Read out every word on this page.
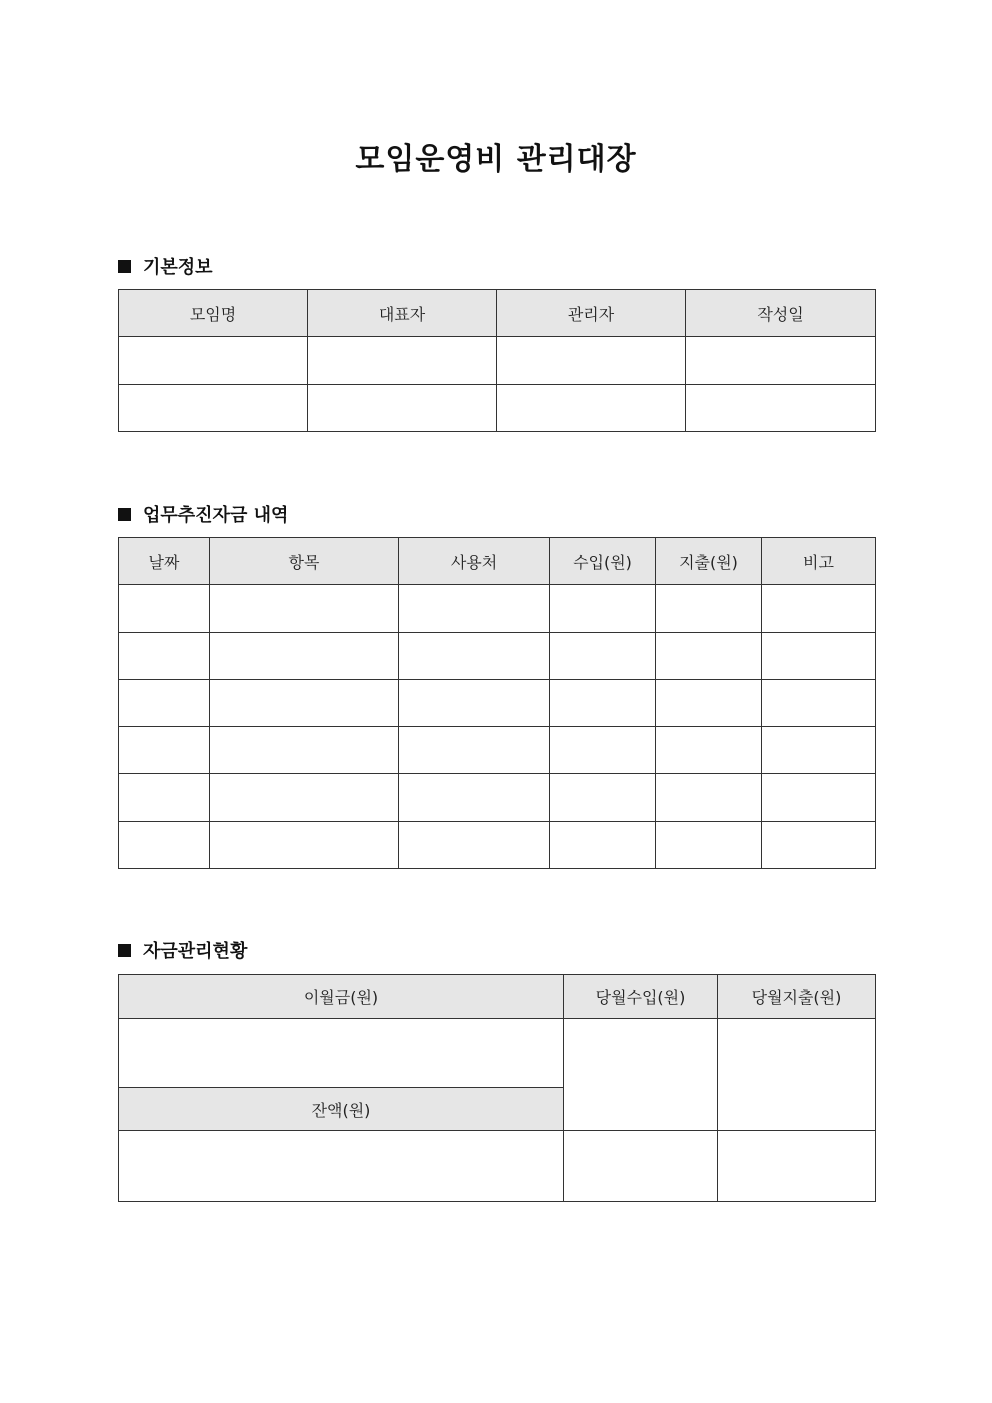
모임운영비 관리대장
기본정보
모임명	대표자	관리자	작성일

업무추진자금 내역
날짜	항목	사용처	수입(원)	지출(원)	비고

자금관리현황
이월금(원)	당월수입(원)	당월지출(원)

잔액(원)		
